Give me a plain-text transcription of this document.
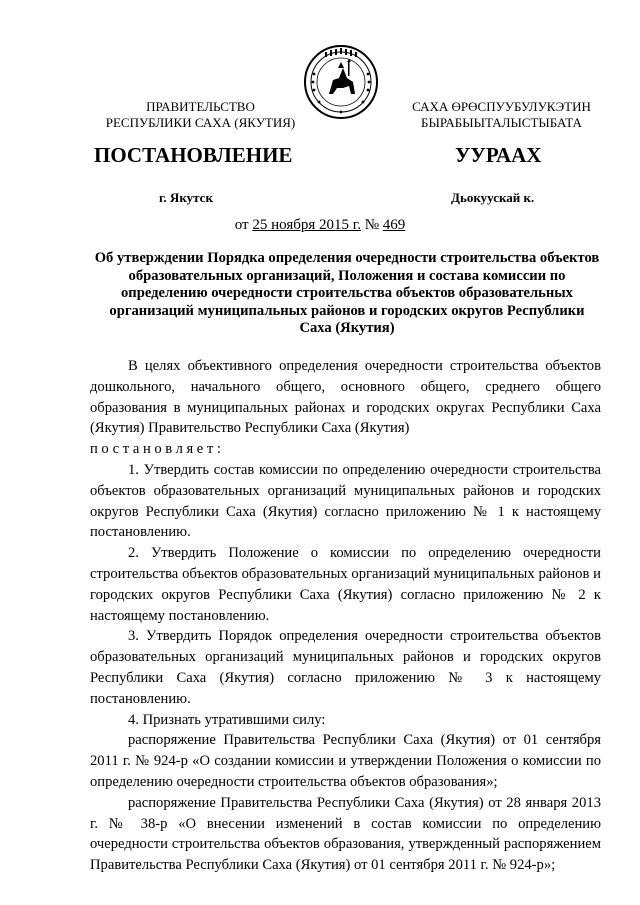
ПРАВИТЕЛЬСТВО
РЕСПУБЛИКИ САХА (ЯКУТИЯ)
САХА ӨРӨСПУУБУЛУКЭТИН
БЫРАБЫЫТАЛЫСТЫБАТА
ПОСТАНОВЛЕНИЕ	УУРААХ
г. Якутск	Дьокуускай к.
от 25 ноября 2015 г. № 469
Об утверждении Порядка определения очередности строительства объектов образовательных организаций, Положения и состава комиссии по определению очередности строительства объектов образовательных организаций муниципальных районов и городских округов Республики Саха (Якутия)

В целях объективного определения очередности строительства объектов дошкольного, начального общего, основного общего, среднего общего образования в муниципальных районах и городских округах Республики Саха (Якутия) Правительство Республики Саха (Якутия)

постановляет:

1. Утвердить состав комиссии по определению очередности строительства объектов образовательных организаций муниципальных районов и городских округов Республики Саха (Якутия) согласно приложению № 1 к настоящему постановлению.

2. Утвердить Положение о комиссии по определению очередности строительства объектов образовательных организаций муниципальных районов и городских округов Республики Саха (Якутия) согласно приложению № 2 к настоящему постановлению.

3. Утвердить Порядок определения очередности строительства объектов образовательных организаций муниципальных районов и городских округов Республики Саха (Якутия) согласно приложению № 3 к настоящему постановлению.

4. Признать утратившими силу:

распоряжение Правительства Республики Саха (Якутия) от 01 сентября 2011 г. № 924-р «О создании комиссии и утверждении Положения о комиссии по определению очередности строительства объектов образования»;

распоряжение Правительства Республики Саха (Якутия) от 28 января 2013 г. № 38-р «О внесении изменений в состав комиссии по определению очередности строительства объектов образования, утвержденный распоряжением Правительства Республики Саха (Якутия) от 01 сентября 2011 г. № 924-р»;
